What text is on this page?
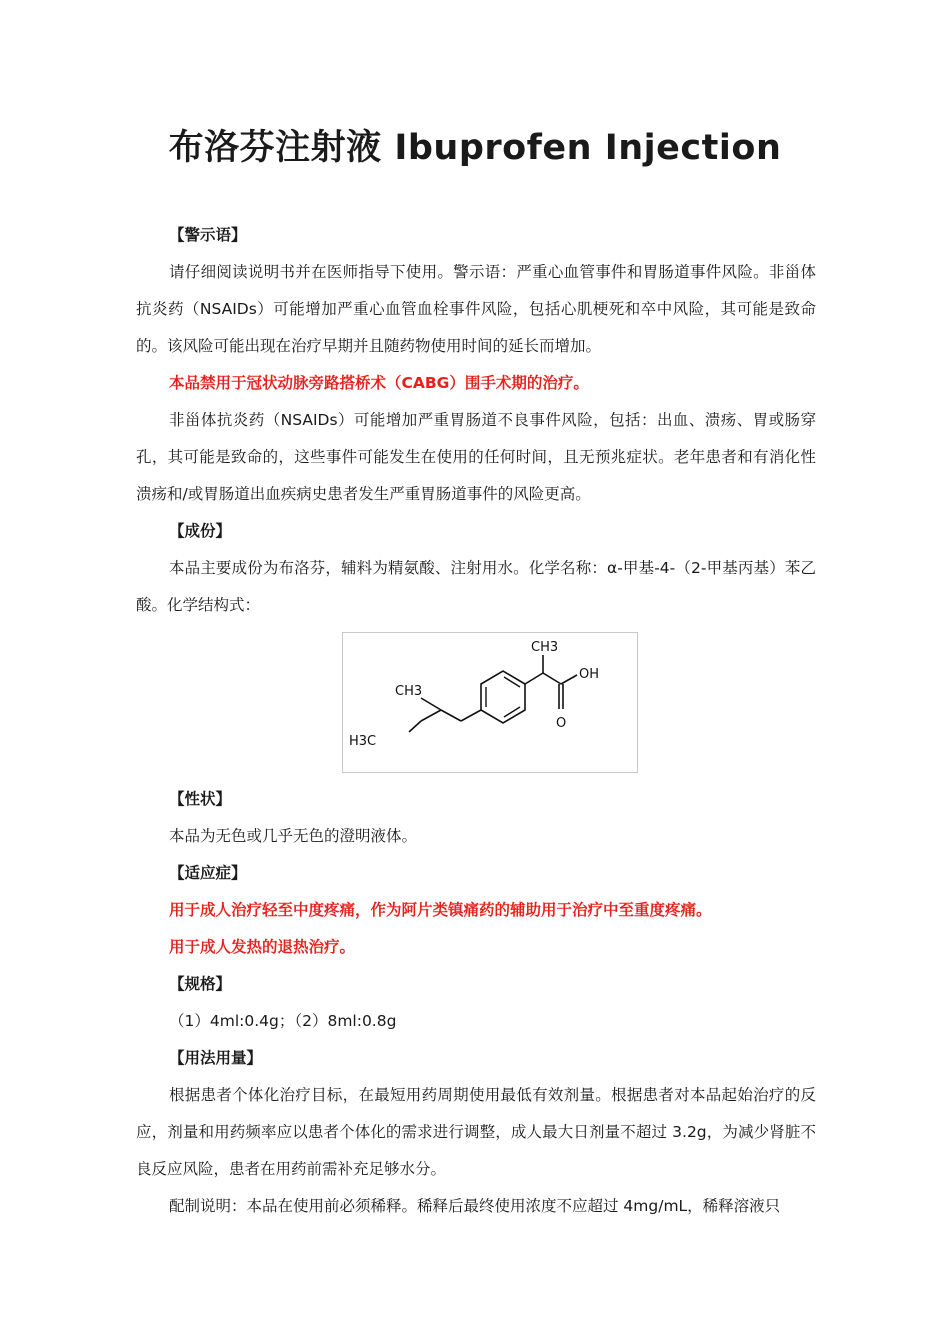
布洛芬注射液 Ibuprofen Injection

【警示语】

请仔细阅读说明书并在医师指导下使用。警示语：严重心血管事件和胃肠道事件风险。非甾体抗炎药（NSAIDs）可能增加严重心血管血栓事件风险，包括心肌梗死和卒中风险，其可能是致命的。该风险可能出现在治疗早期并且随药物使用时间的延长而增加。

本品禁用于冠状动脉旁路搭桥术（CABG）围手术期的治疗。

非甾体抗炎药（NSAIDs）可能增加严重胃肠道不良事件风险，包括：出血、溃疡、胃或肠穿孔，其可能是致命的，这些事件可能发生在使用的任何时间，且无预兆症状。老年患者和有消化性溃疡和/或胃肠道出血疾病史患者发生严重胃肠道事件的风险更高。

【成份】

本品主要成份为布洛芬，辅料为精氨酸、注射用水。化学名称：α-甲基-4-（2-甲基丙基）苯乙酸。化学结构式：

CH3
OH
O
CH3
H3C

【性状】

本品为无色或几乎无色的澄明液体。

【适应症】

用于成人治疗轻至中度疼痛，作为阿片类镇痛药的辅助用于治疗中至重度疼痛。

用于成人发热的退热治疗。

【规格】

（1）4ml:0.4g；（2）8ml:0.8g

【用法用量】

根据患者个体化治疗目标，在最短用药周期使用最低有效剂量。根据患者对本品起始治疗的反应，剂量和用药频率应以患者个体化的需求进行调整，成人最大日剂量不超过 3.2g，为减少肾脏不良反应风险，患者在用药前需补充足够水分。

配制说明：本品在使用前必须稀释。稀释后最终使用浓度不应超过 4mg/mL，稀释溶液只
